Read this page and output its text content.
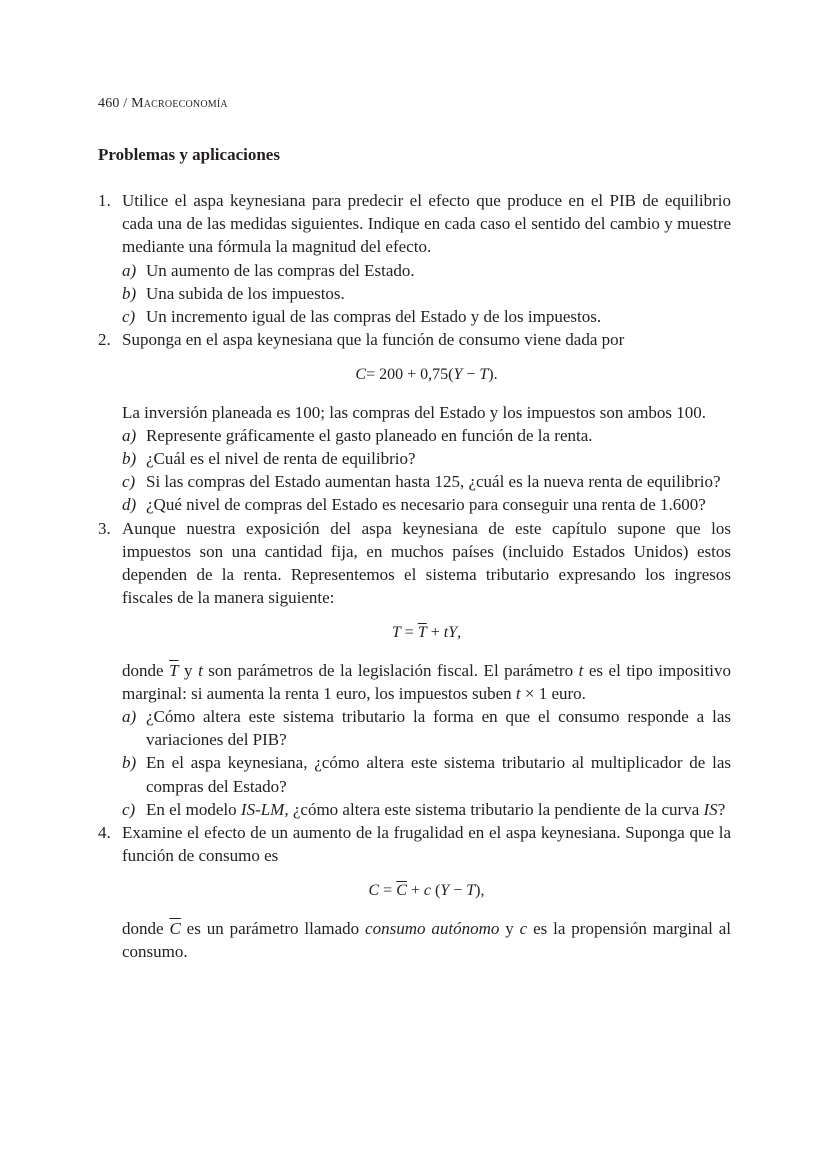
460 / Macroeconomía
Problemas y aplicaciones
1. Utilice el aspa keynesiana para predecir el efecto que produce en el PIB de equilibrio cada una de las medidas siguientes. Indique en cada caso el sentido del cambio y muestre mediante una fórmula la magnitud del efecto.
a) Un aumento de las compras del Estado.
b) Una subida de los impuestos.
c) Un incremento igual de las compras del Estado y de los impuestos.
2. Suponga en el aspa keynesiana que la función de consumo viene dada por
C= 200 + 0,75(Y − T).
La inversión planeada es 100; las compras del Estado y los impuestos son ambos 100.
a) Represente gráficamente el gasto planeado en función de la renta.
b) ¿Cuál es el nivel de renta de equilibrio?
c) Si las compras del Estado aumentan hasta 125, ¿cuál es la nueva renta de equilibrio?
d) ¿Qué nivel de compras del Estado es necesario para conseguir una renta de 1.600?
3. Aunque nuestra exposición del aspa keynesiana de este capítulo supone que los impuestos son una cantidad fija, en muchos países (incluido Estados Unidos) estos dependen de la renta. Representemos el sistema tributario expresando los ingresos fiscales de la manera siguiente:
$T = \overline{T}$ + tY,
donde $\overline{T}$ y t son parámetros de la legislación fiscal. El parámetro t es el tipo impositivo marginal: si aumenta la renta 1 euro, los impuestos suben t × 1 euro.
a) ¿Cómo altera este sistema tributario la forma en que el consumo responde a las variaciones del PIB?
b) En el aspa keynesiana, ¿cómo altera este sistema tributario al multiplicador de las compras del Estado?
c) En el modelo IS-LM, ¿cómo altera este sistema tributario la pendiente de la curva IS?
4. Examine el efecto de un aumento de la frugalidad en el aspa keynesiana. Suponga que la función de consumo es
$C = \overline{C} + c$ (Y − T),
donde $\overline{C}$ es un parámetro llamado consumo autónomo y c es la propensión marginal al consumo.
